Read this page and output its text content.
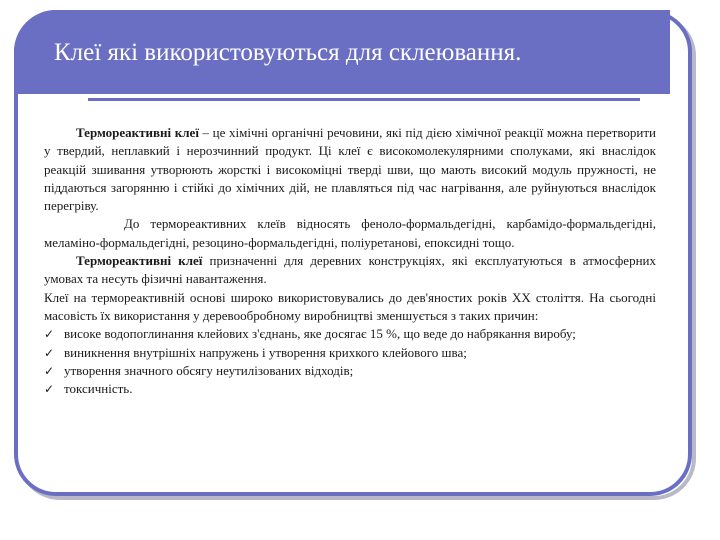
Клеї які використовуються для склеювання.

Термореактивні клеї – це хімічні органічні речовини, які під дією хімічної реакції можна перетворити у твердий, неплавкий і нерозчинний продукт. Ці клеї є високомолекулярними сполуками, які внаслідок реакцій зшивання утворюють жорсткі і високоміцні тверді шви, що мають високий модуль пружності, не піддаються загорянню і стійкі до хімічних дій, не плавляться під час нагрівання, але руйнуються внаслідок перегріву.

До термореактивних клеїв відносять феноло-формальдегідні, карбамідо-формальдегідні, меламіно-формальдегідні, резоцино-формальдегідні, поліуретанові, епоксидні тощо.

Термореактивні клеї призначенні для деревних конструкціях, які експлуатуються в атмосферних умовах та несуть фізичні навантаження.

Клеї на термореактивній основі широко використовувались до дев'яностих років XX століття. На сьогодні масовість їх використання у деревообробному виробництві зменшується з таких причин:

✓ високе водопоглинання клейових з'єднань, яке досягає 15 %, що веде до набрякання виробу;
✓ виникнення внутрішніх напружень і утворення крихкого клейового шва;
✓ утворення значного обсягу неутилізованих відходів;
✓ токсичність.
